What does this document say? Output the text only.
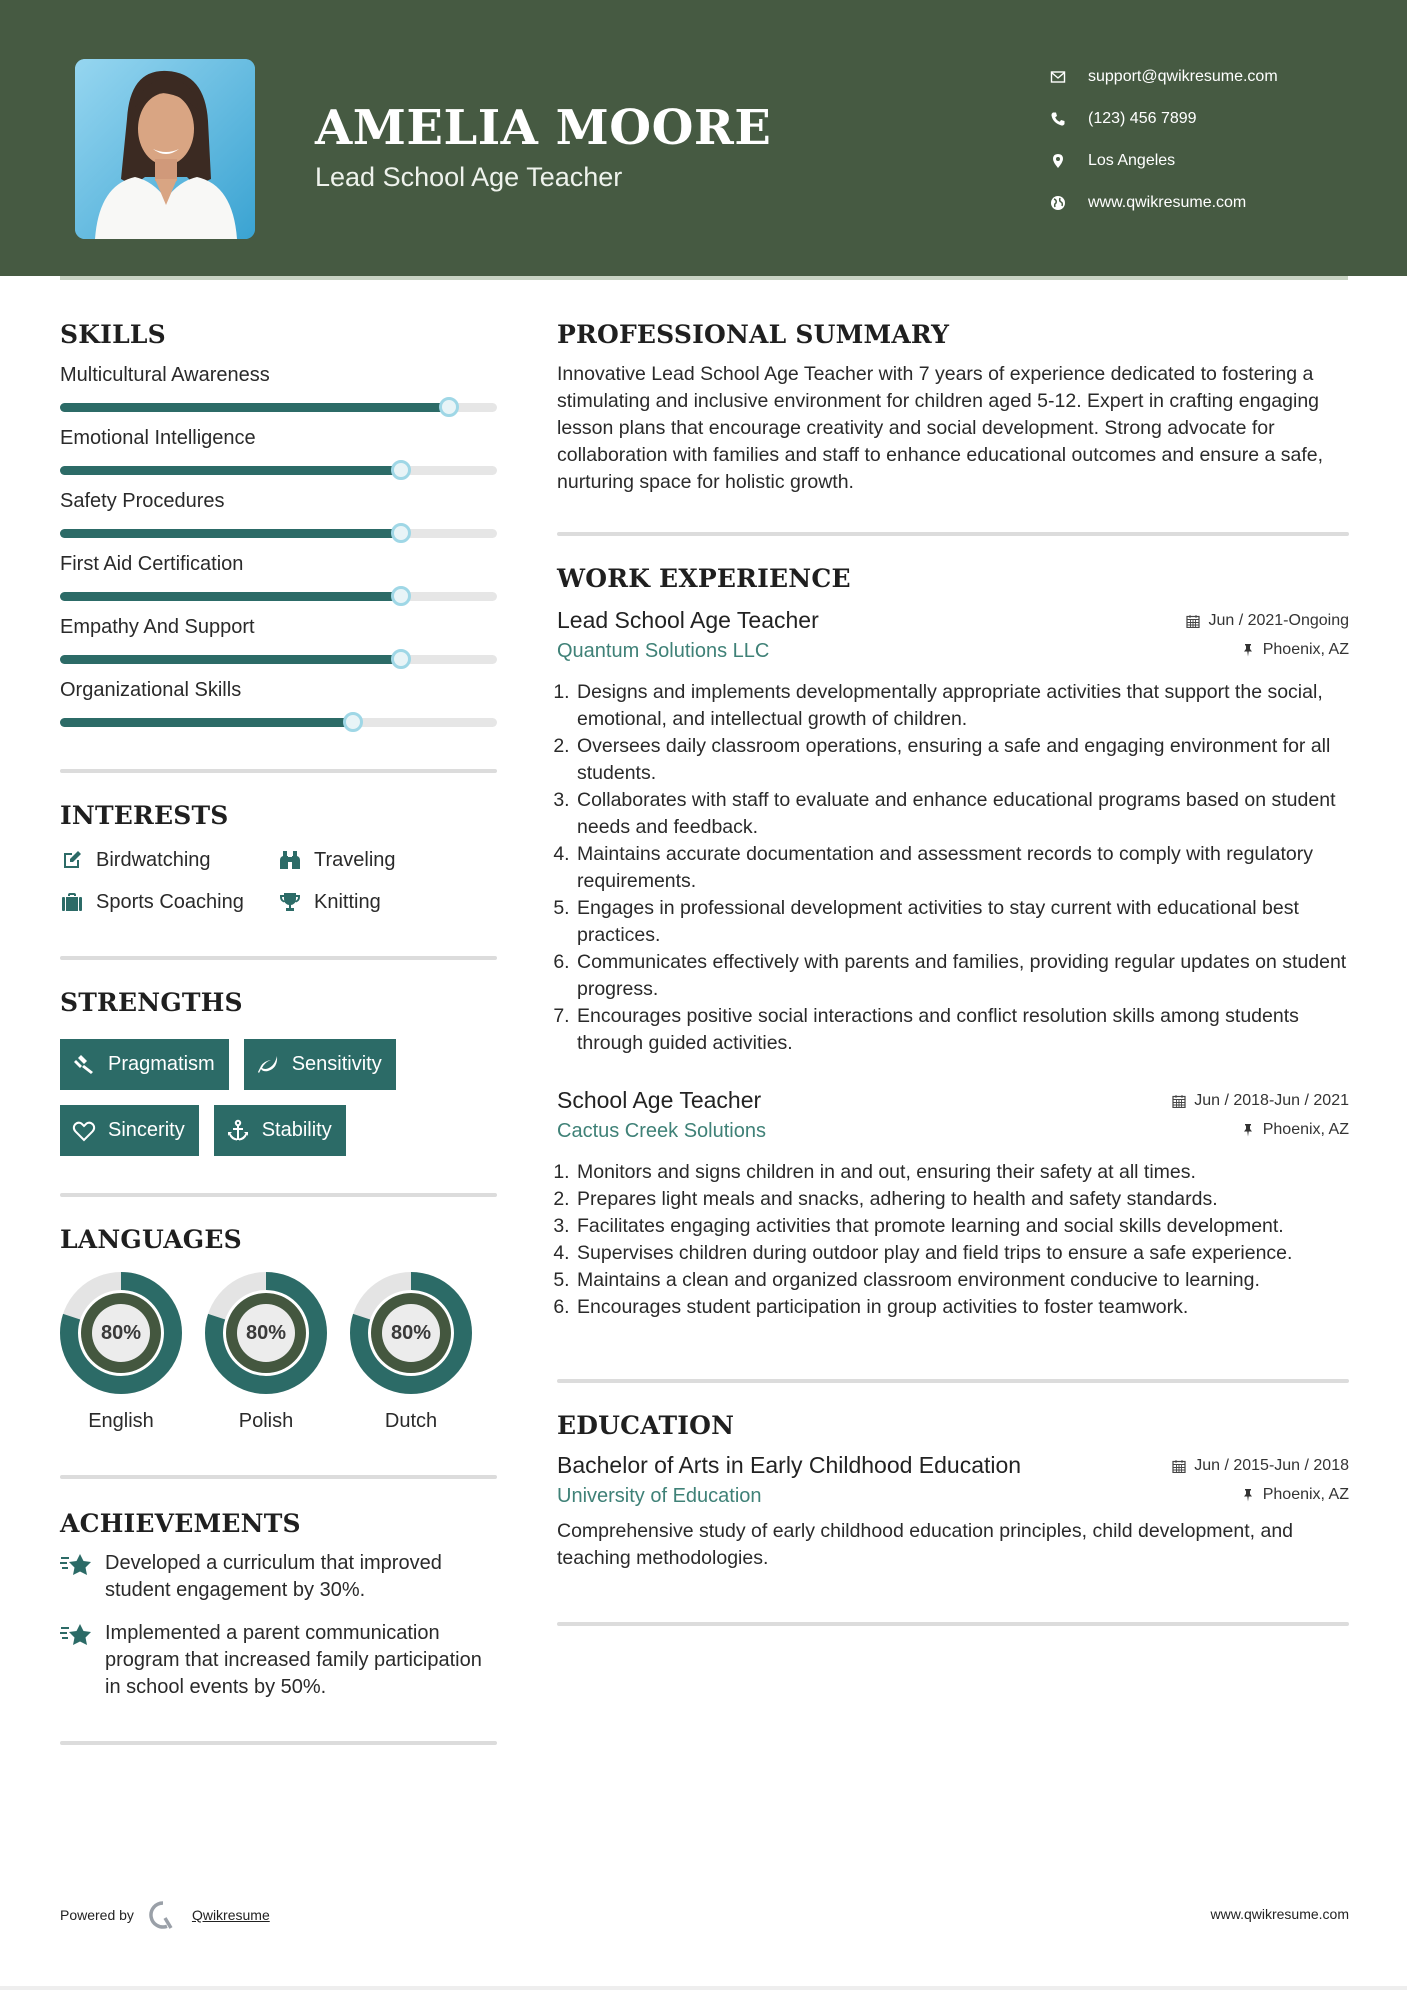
AMELIA MOORE
Lead School Age Teacher
support@qwikresume.com
(123) 456 7899
Los Angeles
www.qwikresume.com
SKILLS
Multicultural Awareness
Emotional Intelligence
Safety Procedures
First Aid Certification
Empathy And Support
Organizational Skills
INTERESTS
Birdwatching	Traveling
Sports Coaching	Knitting
STRENGTHS
Pragmatism	Sensitivity
Sincerity	Stability
LANGUAGES
80%
English
80%
Polish
80%
Dutch
ACHIEVEMENTS
Developed a curriculum that improved student engagement by 30%.
Implemented a parent communication program that increased family participation in school events by 50%.
PROFESSIONAL SUMMARY
Innovative Lead School Age Teacher with 7 years of experience dedicated to fostering a stimulating and inclusive environment for children aged 5-12. Expert in crafting engaging lesson plans that encourage creativity and social development. Strong advocate for collaboration with families and staff to enhance educational outcomes and ensure a safe, nurturing space for holistic growth.
WORK EXPERIENCE
Lead School Age Teacher	Jun / 2021-Ongoing
Quantum Solutions LLC	Phoenix, AZ
1. Designs and implements developmentally appropriate activities that support the social, emotional, and intellectual growth of children.
2. Oversees daily classroom operations, ensuring a safe and engaging environment for all students.
3. Collaborates with staff to evaluate and enhance educational programs based on student needs and feedback.
4. Maintains accurate documentation and assessment records to comply with regulatory requirements.
5. Engages in professional development activities to stay current with educational best practices.
6. Communicates effectively with parents and families, providing regular updates on student progress.
7. Encourages positive social interactions and conflict resolution skills among students through guided activities.
School Age Teacher	Jun / 2018-Jun / 2021
Cactus Creek Solutions	Phoenix, AZ
1. Monitors and signs children in and out, ensuring their safety at all times.
2. Prepares light meals and snacks, adhering to health and safety standards.
3. Facilitates engaging activities that promote learning and social skills development.
4. Supervises children during outdoor play and field trips to ensure a safe experience.
5. Maintains a clean and organized classroom environment conducive to learning.
6. Encourages student participation in group activities to foster teamwork.
EDUCATION
Bachelor of Arts in Early Childhood Education	Jun / 2015-Jun / 2018
University of Education	Phoenix, AZ
Comprehensive study of early childhood education principles, child development, and teaching methodologies.
Powered by	Qwikresume	www.qwikresume.com
